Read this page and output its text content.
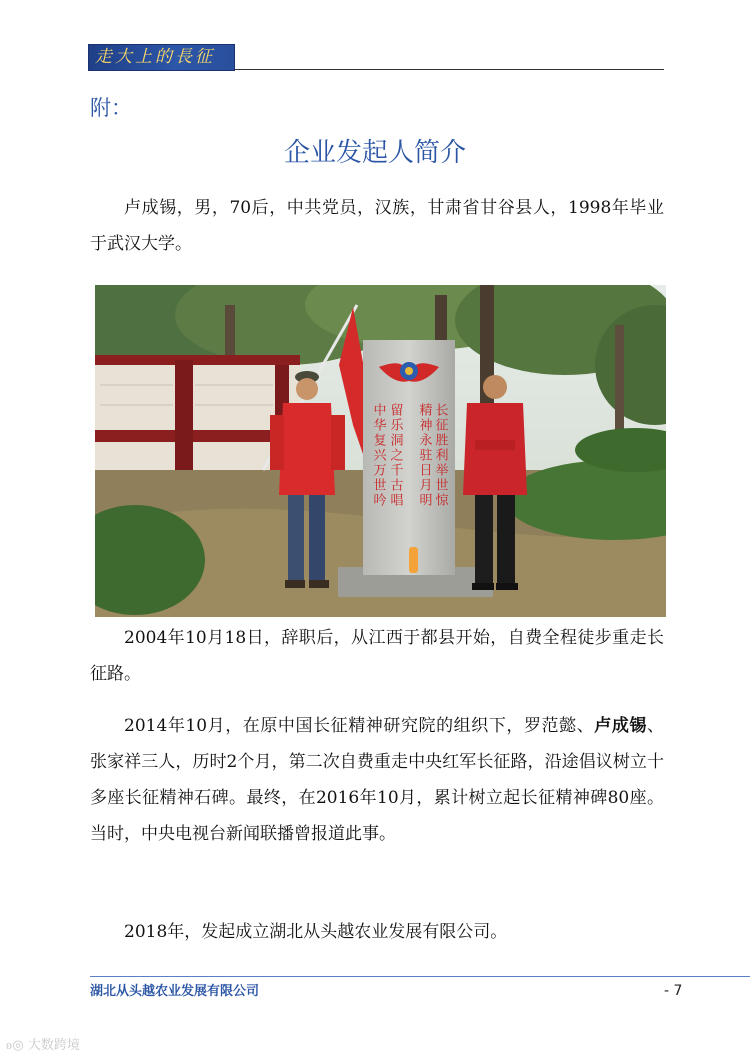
走大上的長征
附：
企业发起人简介

卢成锡，男，70后，中共党员，汉族，甘肃省甘谷县人，1998年毕业于武汉大学。

长征胜利举世惊
精神永驻日月明
留乐洞之千古唱
中华复兴万世吟

2004年10月18日，辞职后，从江西于都县开始，自费全程徒步重走长征路。

2014年10月，在原中国长征精神研究院的组织下，罗范懿、卢成锡、张家祥三人，历时2个月，第二次自费重走中央红军长征路，沿途倡议树立十多座长征精神石碑。最终，在2016年10月，累计树立起长征精神碑80座。当时，中央电视台新闻联播曾报道此事。

2018年，发起成立湖北从头越农业发展有限公司。

湖北从头越农业发展有限公司	- 7
ᦈ◎ 大数跨境
